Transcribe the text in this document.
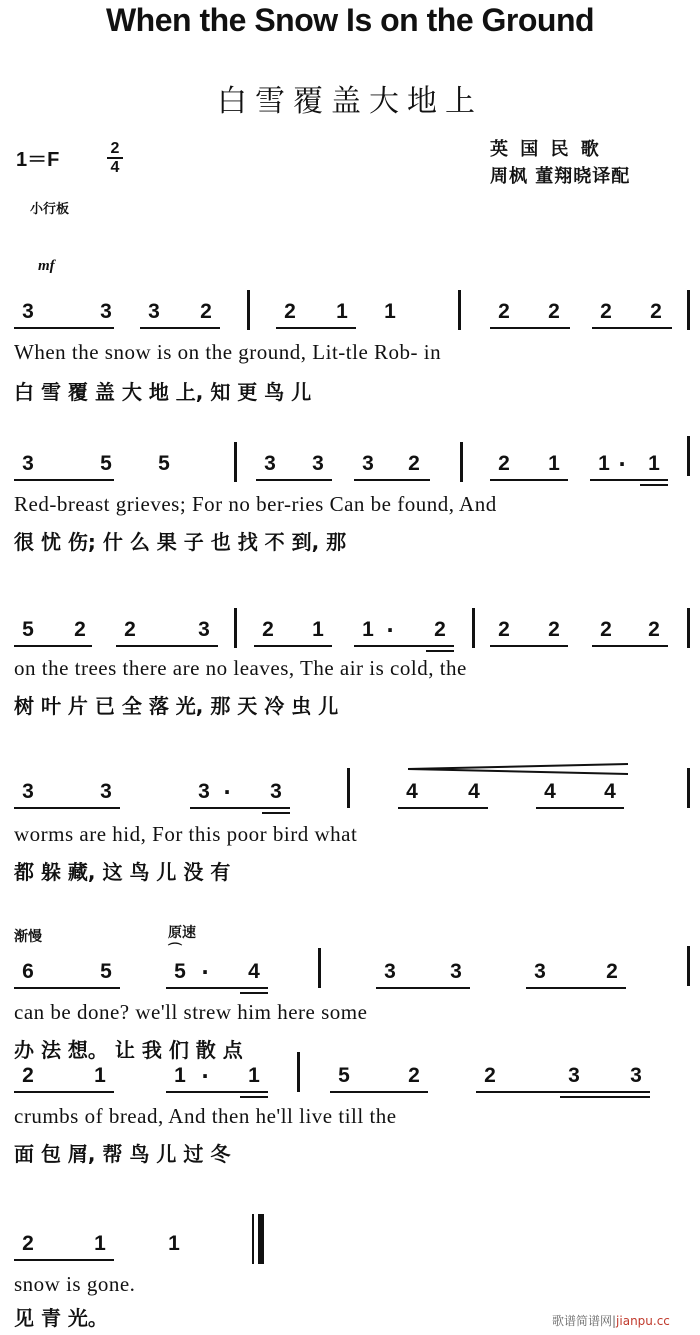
When the Snow Is on the Ground
白雪覆盖大地上
1＝F
2
4
英 国 民 歌
周枫 董翔晓译配
小行板
mf
3	3	3	2	2	1	1	2	2	2	2
When the snow is on the ground, Lit-tle Rob- in
白 雪 覆 盖 大 地 上, 知 更 鸟 儿
3	5	5	3	3	3	2	2	1	1 ·	1
Red-breast grieves; For no ber-ries Can be found, And
很 忧 伤; 什 么 果 子 也 找 不 到, 那
5	2	2	3	2	1	1 ·	2	2	2	2	2
on the trees there are no leaves, The air is cold, the
树 叶 片 已 全 落 光, 那 天 冷 虫 儿
3	3	3 ·	3	4	4	4	4
worms are hid, For this poor bird what
都 躲 藏, 这 鸟 儿 没 有
渐慢	原速
⌒
6	5	5 ·	4	3	3	3	2
can be done? we'll strew him here some
办 法 想。 让 我 们 散 点
2	1	1 ·	1	5	2	2	3	3
crumbs of bread, And then he'll live till the
面 包 屑, 帮 鸟 儿 过 冬
2	1	1
snow is gone.
见 青 光。	歌谱简谱网|jianpu.cc
